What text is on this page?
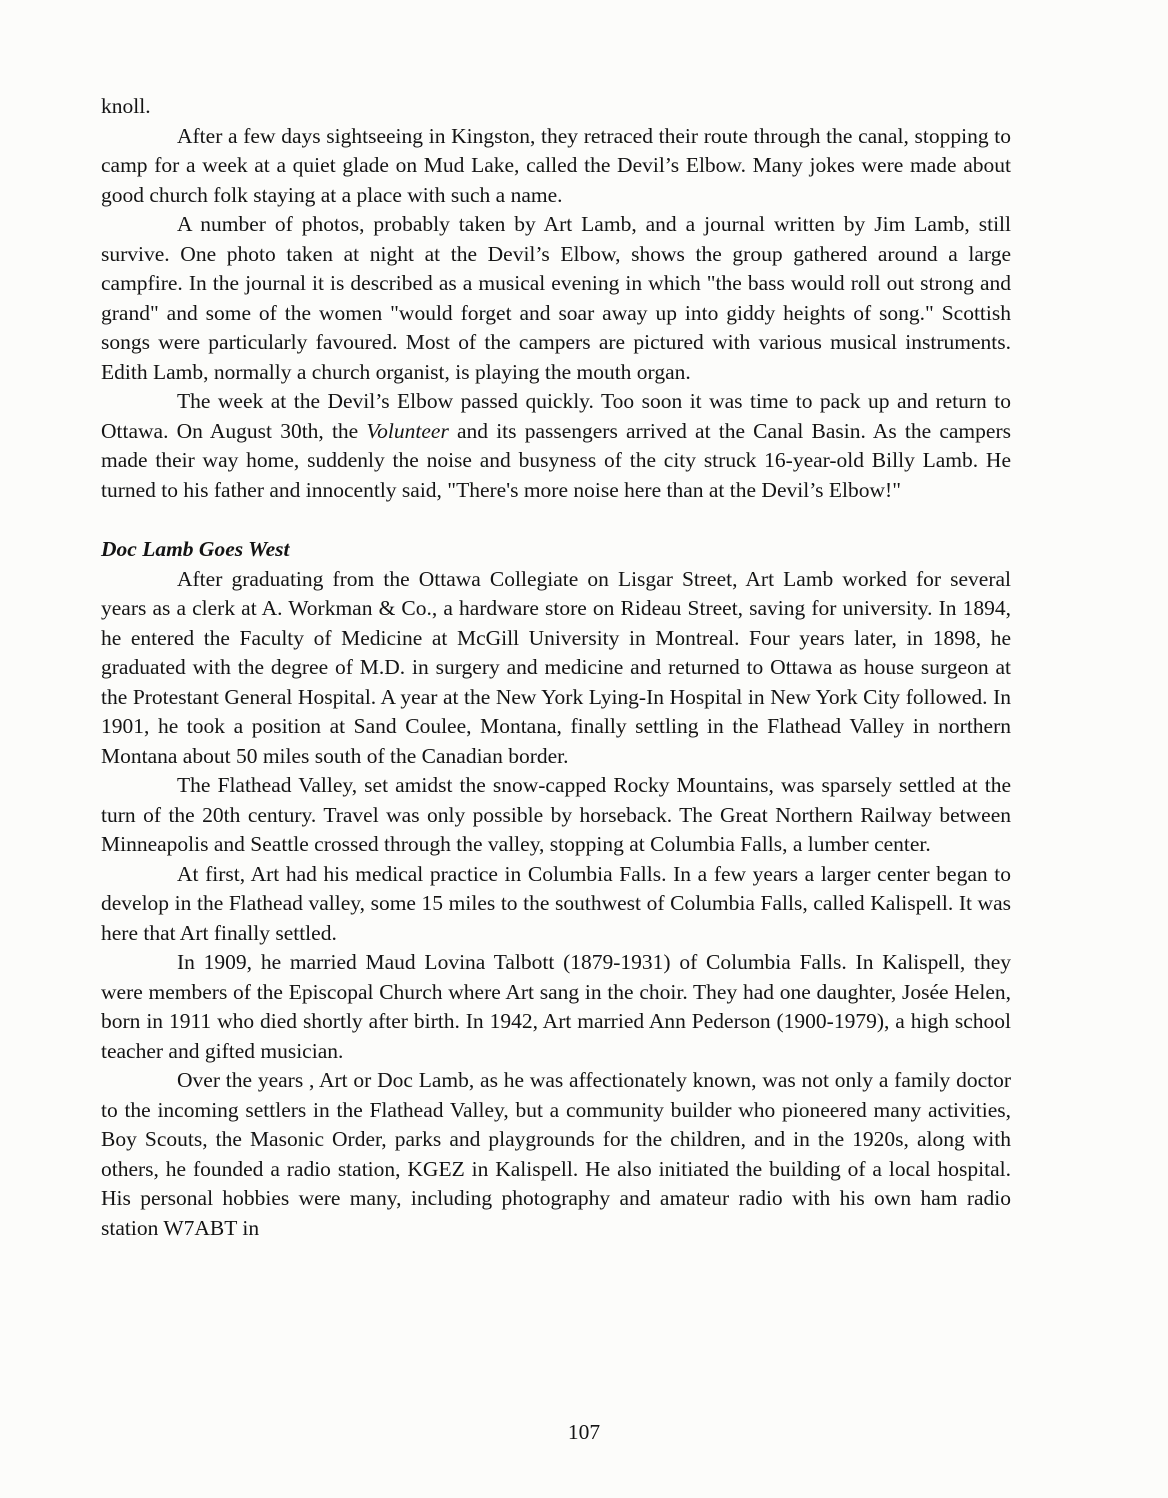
knoll.

After a few days sightseeing in Kingston, they retraced their route through the canal, stopping to camp for a week at a quiet glade on Mud Lake, called the Devil’s Elbow. Many jokes were made about good church folk staying at a place with such a name.

A number of photos, probably taken by Art Lamb, and a journal written by Jim Lamb, still survive. One photo taken at night at the Devil’s Elbow, shows the group gathered around a large campfire. In the journal it is described as a musical evening in which "the bass would roll out strong and grand" and some of the women "would forget and soar away up into giddy heights of song." Scottish songs were particularly favoured. Most of the campers are pictured with various musical instruments. Edith Lamb, normally a church organist, is playing the mouth organ.

The week at the Devil’s Elbow passed quickly. Too soon it was time to pack up and return to Ottawa. On August 30th, the Volunteer and its passengers arrived at the Canal Basin. As the campers made their way home, suddenly the noise and busyness of the city struck 16-year-old Billy Lamb. He turned to his father and innocently said, "There's more noise here than at the Devil’s Elbow!"

Doc Lamb Goes West

After graduating from the Ottawa Collegiate on Lisgar Street, Art Lamb worked for several years as a clerk at A. Workman & Co., a hardware store on Rideau Street, saving for university. In 1894, he entered the Faculty of Medicine at McGill University in Montreal. Four years later, in 1898, he graduated with the degree of M.D. in surgery and medicine and returned to Ottawa as house surgeon at the Protestant General Hospital. A year at the New York Lying-In Hospital in New York City followed. In 1901, he took a position at Sand Coulee, Montana, finally settling in the Flathead Valley in northern Montana about 50 miles south of the Canadian border.

The Flathead Valley, set amidst the snow-capped Rocky Mountains, was sparsely settled at the turn of the 20th century. Travel was only possible by horseback. The Great Northern Railway between Minneapolis and Seattle crossed through the valley, stopping at Columbia Falls, a lumber center.

At first, Art had his medical practice in Columbia Falls. In a few years a larger center began to develop in the Flathead valley, some 15 miles to the southwest of Columbia Falls, called Kalispell. It was here that Art finally settled.

In 1909, he married Maud Lovina Talbott (1879-1931) of Columbia Falls. In Kalispell, they were members of the Episcopal Church where Art sang in the choir. They had one daughter, Josée Helen, born in 1911 who died shortly after birth. In 1942, Art married Ann Pederson (1900-1979), a high school teacher and gifted musician.

Over the years , Art or Doc Lamb, as he was affectionately known, was not only a family doctor to the incoming settlers in the Flathead Valley, but a community builder who pioneered many activities, Boy Scouts, the Masonic Order, parks and playgrounds for the children, and in the 1920s, along with others, he founded a radio station, KGEZ in Kalispell. He also initiated the building of a local hospital. His personal hobbies were many, including photography and amateur radio with his own ham radio station W7ABT in

107
